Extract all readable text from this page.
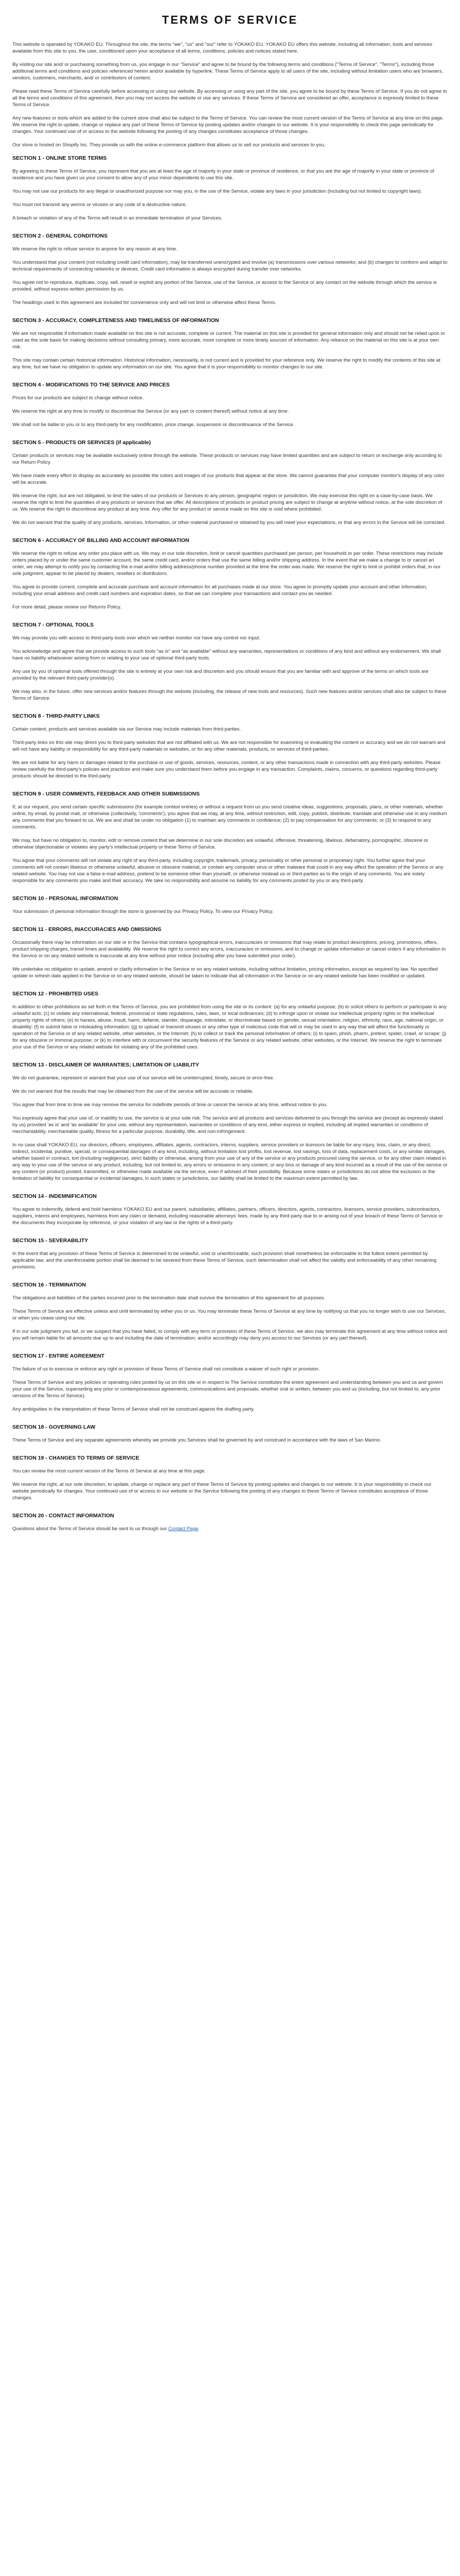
TERMS OF SERVICE

This website is operated by YOKAKO EU. Throughout the site, the terms "we", "us" and "our" refer to YOKAKO EU. YOKAKO EU offers this website, including all information, tools and services available from this site to you, the user, conditioned upon your acceptance of all terms, conditions, policies and notices stated here.

By visiting our site and/ or purchasing something from us, you engage in our "Service" and agree to be bound by the following terms and conditions ("Terms of Service", "Terms"), including those additional terms and conditions and policies referenced herein and/or available by hyperlink. These Terms of Service apply to all users of the site, including without limitation users who are browsers, vendors, customers, merchants, and/ or contributors of content.

Please read these Terms of Service carefully before accessing or using our website. By accessing or using any part of the site, you agree to be bound by these Terms of Service. If you do not agree to all the terms and conditions of this agreement, then you may not access the website or use any services. If these Terms of Service are considered an offer, acceptance is expressly limited to these Terms of Service.

Any new features or tools which are added to the current store shall also be subject to the Terms of Service. You can review the most current version of the Terms of Service at any time on this page. We reserve the right to update, change or replace any part of these Terms of Service by posting updates and/or changes to our website. It is your responsibility to check this page periodically for changes. Your continued use of or access to the website following the posting of any changes constitutes acceptance of those changes.

Our store is hosted on Shopify Inc. They provide us with the online e-commerce platform that allows us to sell our products and services to you.

SECTION 1 - ONLINE STORE TERMS

By agreeing to these Terms of Service, you represent that you are at least the age of majority in your state or province of residence, or that you are the age of majority in your state or province of residence and you have given us your consent to allow any of your minor dependents to use this site.

You may not use our products for any illegal or unauthorized purpose nor may you, in the use of the Service, violate any laws in your jurisdiction (including but not limited to copyright laws).

You must not transmit any worms or viruses or any code of a destructive nature.

A breach or violation of any of the Terms will result in an immediate termination of your Services.

SECTION 2 - GENERAL CONDITIONS

We reserve the right to refuse service to anyone for any reason at any time.

You understand that your content (not including credit card information), may be transferred unencrypted and involve (a) transmissions over various networks; and (b) changes to conform and adapt to technical requirements of connecting networks or devices. Credit card information is always encrypted during transfer over networks.

You agree not to reproduce, duplicate, copy, sell, resell or exploit any portion of the Service, use of the Service, or access to the Service or any contact on the website through which the service is provided, without express written permission by us.

The headings used in this agreement are included for convenience only and will not limit or otherwise affect these Terms.

SECTION 3 - ACCURACY, COMPLETENESS AND TIMELINESS OF INFORMATION

We are not responsible if information made available on this site is not accurate, complete or current. The material on this site is provided for general information only and should not be relied upon or used as the sole basis for making decisions without consulting primary, more accurate, more complete or more timely sources of information. Any reliance on the material on this site is at your own risk.

This site may contain certain historical information. Historical information, necessarily, is not current and is provided for your reference only. We reserve the right to modify the contents of this site at any time, but we have no obligation to update any information on our site. You agree that it is your responsibility to monitor changes to our site.

SECTION 4 - MODIFICATIONS TO THE SERVICE AND PRICES

Prices for our products are subject to change without notice.

We reserve the right at any time to modify or discontinue the Service (or any part or content thereof) without notice at any time.

We shall not be liable to you or to any third-party for any modification, price change, suspension or discontinuance of the Service.

SECTION 5 - PRODUCTS OR SERVICES (if applicable)

Certain products or services may be available exclusively online through the website. These products or services may have limited quantities and are subject to return or exchange only according to our Return Policy.

We have made every effort to display as accurately as possible the colors and images of our products that appear at the store. We cannot guarantee that your computer monitor's display of any color will be accurate.

We reserve the right, but are not obligated, to limit the sales of our products or Services to any person, geographic region or jurisdiction. We may exercise this right on a case-by-case basis. We reserve the right to limit the quantities of any products or services that we offer. All descriptions of products or product pricing are subject to change at anytime without notice, at the sole discretion of us. We reserve the right to discontinue any product at any time. Any offer for any product or service made on this site is void where prohibited.

We do not warrant that the quality of any products, services, information, or other material purchased or obtained by you will meet your expectations, or that any errors in the Service will be corrected.

SECTION 6 - ACCURACY OF BILLING AND ACCOUNT INFORMATION

We reserve the right to refuse any order you place with us. We may, in our sole discretion, limit or cancel quantities purchased per person, per household or per order. These restrictions may include orders placed by or under the same customer account, the same credit card, and/or orders that use the same billing and/or shipping address. In the event that we make a change to or cancel an order, we may attempt to notify you by contacting the e-mail and/or billing address/phone number provided at the time the order was made. We reserve the right to limit or prohibit orders that, in our sole judgment, appear to be placed by dealers, resellers or distributors.

You agree to provide current, complete and accurate purchase and account information for all purchases made at our store. You agree to promptly update your account and other information, including your email address and credit card numbers and expiration dates, so that we can complete your transactions and contact you as needed.

For more detail, please review our Returns Policy.

SECTION 7 - OPTIONAL TOOLS

We may provide you with access to third-party tools over which we neither monitor nor have any control nor input.

You acknowledge and agree that we provide access to such tools "as is" and "as available" without any warranties, representations or conditions of any kind and without any endorsement. We shall have no liability whatsoever arising from or relating to your use of optional third-party tools.

Any use by you of optional tools offered through the site is entirely at your own risk and discretion and you should ensure that you are familiar with and approve of the terms on which tools are provided by the relevant third-party provider(s).

We may also, in the future, offer new services and/or features through the website (including, the release of new tools and resources). Such new features and/or services shall also be subject to these Terms of Service.

SECTION 8 - THIRD-PARTY LINKS

Certain content, products and services available via our Service may include materials from third-parties.

Third-party links on this site may direct you to third-party websites that are not affiliated with us. We are not responsible for examining or evaluating the content or accuracy and we do not warrant and will not have any liability or responsibility for any third-party materials or websites, or for any other materials, products, or services of third-parties.

We are not liable for any harm or damages related to the purchase or use of goods, services, resources, content, or any other transactions made in connection with any third-party websites. Please review carefully the third-party's policies and practices and make sure you understand them before you engage in any transaction. Complaints, claims, concerns, or questions regarding third-party products should be directed to the third-party.

SECTION 9 - USER COMMENTS, FEEDBACK AND OTHER SUBMISSIONS

If, at our request, you send certain specific submissions (for example contest entries) or without a request from us you send creative ideas, suggestions, proposals, plans, or other materials, whether online, by email, by postal mail, or otherwise (collectively, 'comments'), you agree that we may, at any time, without restriction, edit, copy, publish, distribute, translate and otherwise use in any medium any comments that you forward to us. We are and shall be under no obligation (1) to maintain any comments in confidence; (2) to pay compensation for any comments; or (3) to respond to any comments.

We may, but have no obligation to, monitor, edit or remove content that we determine in our sole discretion are unlawful, offensive, threatening, libelous, defamatory, pornographic, obscene or otherwise objectionable or violates any party's intellectual property or these Terms of Service.

You agree that your comments will not violate any right of any third-party, including copyright, trademark, privacy, personality or other personal or proprietary right. You further agree that your comments will not contain libelous or otherwise unlawful, abusive or obscene material, or contain any computer virus or other malware that could in any way affect the operation of the Service or any related website. You may not use a false e-mail address, pretend to be someone other than yourself, or otherwise mislead us or third-parties as to the origin of any comments. You are solely responsible for any comments you make and their accuracy. We take no responsibility and assume no liability for any comments posted by you or any third-party.

SECTION 10 - PERSONAL INFORMATION

Your submission of personal information through the store is governed by our Privacy Policy. To view our Privacy Policy.

SECTION 11 - ERRORS, INACCURACIES AND OMISSIONS

Occasionally there may be information on our site or in the Service that contains typographical errors, inaccuracies or omissions that may relate to product descriptions, pricing, promotions, offers, product shipping charges, transit times and availability. We reserve the right to correct any errors, inaccuracies or omissions, and to change or update information or cancel orders if any information in the Service or on any related website is inaccurate at any time without prior notice (including after you have submitted your order).

We undertake no obligation to update, amend or clarify information in the Service or on any related website, including without limitation, pricing information, except as required by law. No specified update or refresh date applied in the Service or on any related website, should be taken to indicate that all information in the Service or on any related website has been modified or updated.

SECTION 12 - PROHIBITED USES

In addition to other prohibitions as set forth in the Terms of Service, you are prohibited from using the site or its content: (a) for any unlawful purpose; (b) to solicit others to perform or participate in any unlawful acts; (c) to violate any international, federal, provincial or state regulations, rules, laws, or local ordinances; (d) to infringe upon or violate our intellectual property rights or the intellectual property rights of others; (e) to harass, abuse, insult, harm, defame, slander, disparage, intimidate, or discriminate based on gender, sexual orientation, religion, ethnicity, race, age, national origin, or disability; (f) to submit false or misleading information; (g) to upload or transmit viruses or any other type of malicious code that will or may be used in any way that will affect the functionality or operation of the Service or of any related website, other websites, or the Internet; (h) to collect or track the personal information of others; (i) to spam, phish, pharm, pretext, spider, crawl, or scrape; (j) for any obscene or immoral purpose; or (k) to interfere with or circumvent the security features of the Service or any related website, other websites, or the Internet. We reserve the right to terminate your use of the Service or any related website for violating any of the prohibited uses.

SECTION 13 - DISCLAIMER OF WARRANTIES; LIMITATION OF LIABILITY

We do not guarantee, represent or warrant that your use of our service will be uninterrupted, timely, secure or error-free.

We do not warrant that the results that may be obtained from the use of the service will be accurate or reliable.

You agree that from time to time we may remove the service for indefinite periods of time or cancel the service at any time, without notice to you.

You expressly agree that your use of, or inability to use, the service is at your sole risk. The service and all products and services delivered to you through the service are (except as expressly stated by us) provided 'as is' and 'as available' for your use, without any representation, warranties or conditions of any kind, either express or implied, including all implied warranties or conditions of merchantability, merchantable quality, fitness for a particular purpose, durability, title, and non-infringement.

In no case shall YOKAKO EU, our directors, officers, employees, affiliates, agents, contractors, interns, suppliers, service providers or licensors be liable for any injury, loss, claim, or any direct, indirect, incidental, punitive, special, or consequential damages of any kind, including, without limitation lost profits, lost revenue, lost savings, loss of data, replacement costs, or any similar damages, whether based in contract, tort (including negligence), strict liability or otherwise, arising from your use of any of the service or any products procured using the service, or for any other claim related in any way to your use of the service or any product, including, but not limited to, any errors or omissions in any content, or any loss or damage of any kind incurred as a result of the use of the service or any content (or product) posted, transmitted, or otherwise made available via the service, even if advised of their possibility. Because some states or jurisdictions do not allow the exclusion or the limitation of liability for consequential or incidental damages, in such states or jurisdictions, our liability shall be limited to the maximum extent permitted by law.

SECTION 14 - INDEMNIFICATION

You agree to indemnify, defend and hold harmless YOKAKO EU and our parent, subsidiaries, affiliates, partners, officers, directors, agents, contractors, licensors, service providers, subcontractors, suppliers, interns and employees, harmless from any claim or demand, including reasonable attorneys' fees, made by any third-party due to or arising out of your breach of these Terms of Service or the documents they incorporate by reference, or your violation of any law or the rights of a third-party.

SECTION 15 - SEVERABILITY

In the event that any provision of these Terms of Service is determined to be unlawful, void or unenforceable, such provision shall nonetheless be enforceable to the fullest extent permitted by applicable law, and the unenforceable portion shall be deemed to be severed from these Terms of Service, such determination shall not affect the validity and enforceability of any other remaining provisions.

SECTION 16 - TERMINATION

The obligations and liabilities of the parties incurred prior to the termination date shall survive the termination of this agreement for all purposes.

These Terms of Service are effective unless and until terminated by either you or us. You may terminate these Terms of Service at any time by notifying us that you no longer wish to use our Services, or when you cease using our site.

If in our sole judgment you fail, or we suspect that you have failed, to comply with any term or provision of these Terms of Service, we also may terminate this agreement at any time without notice and you will remain liable for all amounts due up to and including the date of termination; and/or accordingly may deny you access to our Services (or any part thereof).

SECTION 17 - ENTIRE AGREEMENT

The failure of us to exercise or enforce any right or provision of these Terms of Service shall not constitute a waiver of such right or provision.

These Terms of Service and any policies or operating rules posted by us on this site or in respect to The Service constitutes the entire agreement and understanding between you and us and govern your use of the Service, superseding any prior or contemporaneous agreements, communications and proposals, whether oral or written, between you and us (including, but not limited to, any prior versions of the Terms of Service).

Any ambiguities in the interpretation of these Terms of Service shall not be construed against the drafting party.

SECTION 18 - GOVERNING LAW

These Terms of Service and any separate agreements whereby we provide you Services shall be governed by and construed in accordance with the laws of San Marino.

SECTION 19 - CHANGES TO TERMS OF SERVICE

You can review the most current version of the Terms of Service at any time at this page.

We reserve the right, at our sole discretion, to update, change or replace any part of these Terms of Service by posting updates and changes to our website. It is your responsibility to check our website periodically for changes. Your continued use of or access to our website or the Service following the posting of any changes to these Terms of Service constitutes acceptance of those changes.

SECTION 20 - CONTACT INFORMATION

Questions about the Terms of Service should be sent to us through our Contact Page.
